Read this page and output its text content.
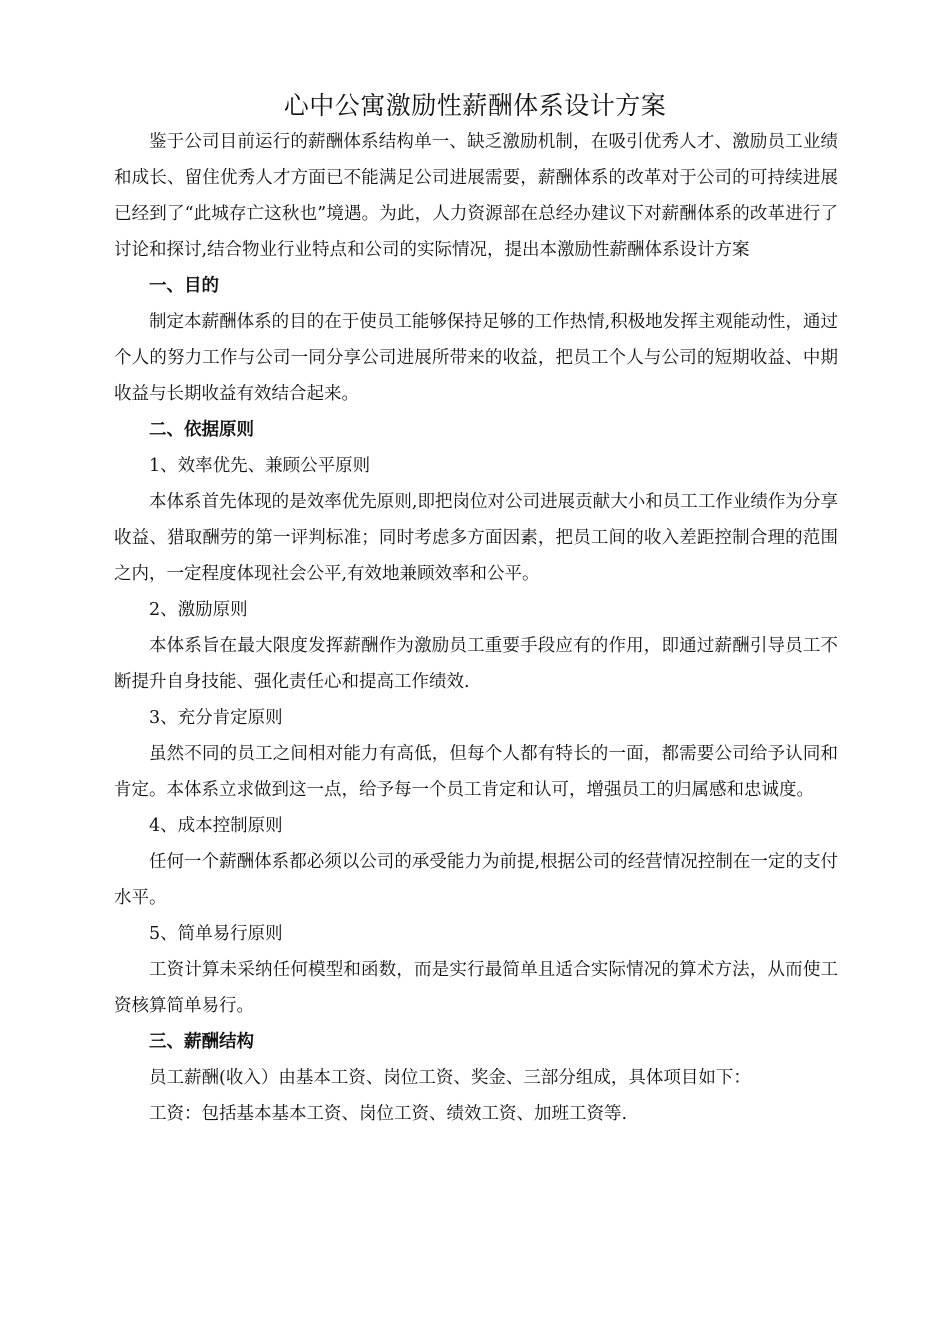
心中公寓激励性薪酬体系设计方案

鉴于公司目前运行的薪酬体系结构单一、缺乏激励机制，在吸引优秀人才、激励员工业绩和成长、留住优秀人才方面已不能满足公司进展需要，薪酬体系的改革对于公司的可持续进展已经到了“此城存亡这秋也”境遇。为此，人力资源部在总经办建议下对薪酬体系的改革进行了讨论和探讨,结合物业行业特点和公司的实际情况，提出本激励性薪酬体系设计方案

一、目的

制定本薪酬体系的目的在于使员工能够保持足够的工作热情,积极地发挥主观能动性，通过个人的努力工作与公司一同分享公司进展所带来的收益，把员工个人与公司的短期收益、中期收益与长期收益有效结合起来。

二、依据原则

1、效率优先、兼顾公平原则

本体系首先体现的是效率优先原则,即把岗位对公司进展贡献大小和员工工作业绩作为分享收益、猎取酬劳的第一评判标准；同时考虑多方面因素，把员工间的收入差距控制合理的范围之内，一定程度体现社会公平,有效地兼顾效率和公平。

2、激励原则

本体系旨在最大限度发挥薪酬作为激励员工重要手段应有的作用，即通过薪酬引导员工不断提升自身技能、强化责任心和提高工作绩效.

3、充分肯定原则

虽然不同的员工之间相对能力有高低，但每个人都有特长的一面，都需要公司给予认同和肯定。本体系立求做到这一点，给予每一个员工肯定和认可，增强员工的归属感和忠诚度。

4、成本控制原则

任何一个薪酬体系都必须以公司的承受能力为前提,根据公司的经营情况控制在一定的支付水平。

5、简单易行原则

工资计算未采纳任何模型和函数，而是实行最简单且适合实际情况的算术方法，从而使工资核算简单易行。

三、薪酬结构

员工薪酬(收入）由基本工资、岗位工资、奖金、三部分组成，具体项目如下：

工资：包括基本基本工资、岗位工资、绩效工资、加班工资等.
